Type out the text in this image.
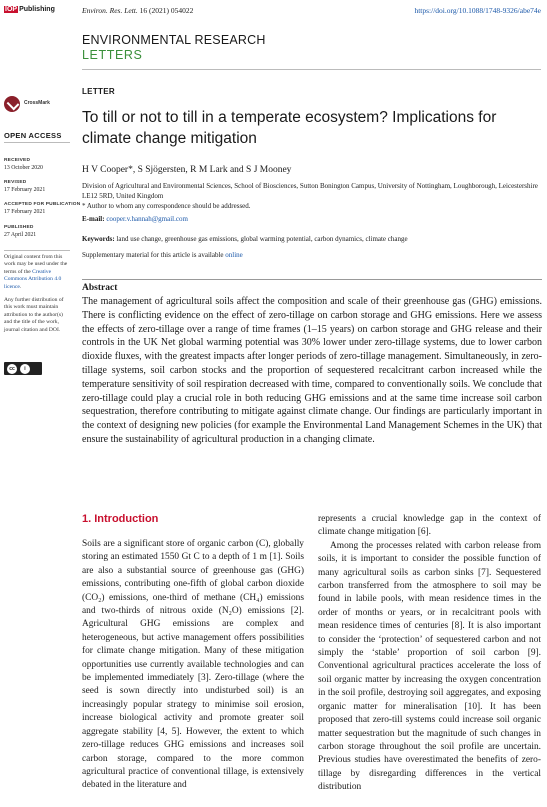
IOP Publishing	Environ. Res. Lett. 16 (2021) 054022	https://doi.org/10.1088/1748-9326/abe74e
ENVIRONMENTAL RESEARCH
LETTERS
CrossMark
OPEN ACCESS
RECEIVED
13 October 2020
REVISED
17 February 2021
ACCEPTED FOR PUBLICATION
17 February 2021
PUBLISHED
27 April 2021
Original content from this work may be used under the terms of the Creative Commons Attribution 4.0 licence.
Any further distribution of this work must maintain attribution to the author(s) and the title of the work, journal citation and DOI.
cc	i
LETTER
To till or not to till in a temperate ecosystem? Implications for climate change mitigation
H V Cooper*, S Sjögersten, R M Lark and S J Mooney
Division of Agricultural and Environmental Sciences, School of Biosciences, Sutton Bonington Campus, University of Nottingham, Loughborough, Leicestershire LE12 5RD, United Kingdom
* Author to whom any correspondence should be addressed.
E-mail: cooper.v.hannah@gmail.com
Keywords: land use change, greenhouse gas emissions, global warming potential, carbon dynamics, climate change
Supplementary material for this article is available online
Abstract
The management of agricultural soils affect the composition and scale of their greenhouse gas (GHG) emissions. There is conflicting evidence on the effect of zero-tillage on carbon storage and GHG emissions. Here we assess the effects of zero-tillage over a range of time frames (1–15 years) on carbon storage and GHG release and their controls in the UK Net global warming potential was 30% lower under zero-tillage systems, due to lower carbon dioxide fluxes, with the greatest impacts after longer periods of zero-tillage management. Simultaneously, in zero-tillage systems, soil carbon stocks and the proportion of sequestered recalcitrant carbon increased while the temperature sensitivity of soil respiration decreased with time, compared to conventionally soils. We conclude that zero-tillage could play a crucial role in both reducing GHG emissions and at the same time increase soil carbon sequestration, therefore contributing to mitigate against climate change. Our findings are particularly important in the context of designing new policies (for example the Environmental Land Management Schemes in the UK) that ensure the sustainability of agricultural production in a changing climate.
1. Introduction

Soils are a significant store of organic carbon (C), globally storing an estimated 1550 Gt C to a depth of 1 m [1]. Soils are also a substantial source of greenhouse gas (GHG) emissions, contributing one-fifth of global carbon dioxide (CO₂) emissions, one-third of methane (CH₄) emissions and two-thirds of nitrous oxide (N₂O) emissions [2]. Agricultural GHG emissions are complex and heterogeneous, but active management offers possibilities for climate change mitigation. Many of these mitigation opportunities use currently available technologies and can be implemented immediately [3]. Zero-tillage (where the seed is sown directly into undisturbed soil) is an increasingly popular strategy to minimise soil erosion, increase biological activity and promote greater soil aggregate stability [4, 5]. However, the extent to which zero-tillage reduces GHG emissions and increases soil carbon storage, compared to the more common agricultural practice of conventional tillage, is extensively debated in the literature and

represents a crucial knowledge gap in the context of climate change mitigation [6].

Among the processes related with carbon release from soils, it is important to consider the possible function of many agricultural soils as carbon sinks [7]. Sequestered carbon transferred from the atmosphere to soil may be found in labile pools, with mean residence times in the order of months or years, or in recalcitrant pools with mean residence times of centuries [8]. It is also important to consider the ‘protection’ of sequestered carbon and not simply the ‘stable’ proportion of soil carbon [9]. Conventional agricultural practices accelerate the loss of soil organic matter by increasing the oxygen concentration in the soil profile, destroying soil aggregates, and exposing organic matter for mineralisation [10]. It has been proposed that zero-till systems could increase soil organic matter sequestration but the magnitude of such changes in carbon storage throughout the soil profile are uncertain. Previous studies have overestimated the benefits of zero-tillage by disregarding differences in the vertical distribution
